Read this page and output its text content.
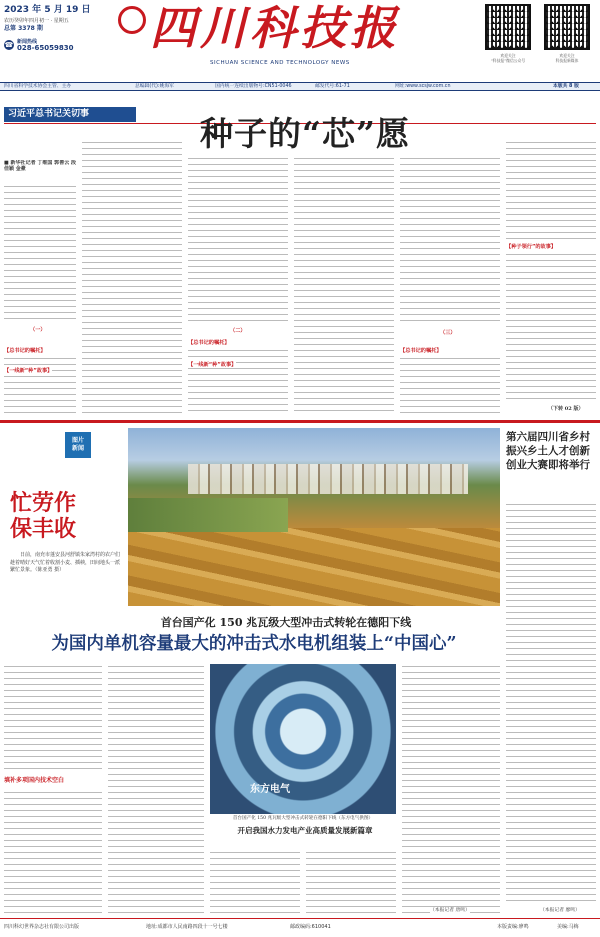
2023 年 5 月 19 日
农历癸卯年四月初一 · 星期五
总第 3378 期
☎ 新闻热线
028-65059830 四川科技报
SICHUAN SCIENCE AND TECHNOLOGY NEWS
欢迎关注
“科技报”微信公众号
欢迎关注
科技报新媒体
四川省科学技术协会主管、主办	总编辑(代):姚海军	国内统一连续出版物号:CN51-0046	邮发代号:61-71	网址:www.scsjw.com.cn	本版共 8 版
习近平总书记关切事	种子的“芯”愿
■ 新华社记者 丁维国 郭善云 段佳颖 金豪
（一）
【总书记的嘱托】
【一线新“种”故事】
（二）
【总书记的嘱托】
【一线新“种”故事】
（三）
【总书记的嘱托】
【种子领行”的故事】
（下转 02 版）
图片
新闻
忙劳作
保丰收
日前，南充市蓬安县河舒镇朱家湾村的农户们趁着晴好天气忙着收割小麦、插秧，田间地头一派繁忙景象。（陈亚勇 摄）
第六届四川省乡村振兴乡土人才创新创业大赛即将举行
（本报记者 廖鸣）
首台国产化 150 兆瓦级大型冲击式转轮在德阳下线
为国内单机容量最大的冲击式水电机组装上“中国心”
填补多项国内技术空白
东方电气
首台国产化 150 兆瓦级大型冲击式转轮在德阳下线（东方电气供图）
开启我国水力发电产业高质量发展新篇章
（本报记者 唐鸣）
四川科幻世界杂志社有限公司出版	地址:成都市人民南路四段十一号七楼	邮政编码:610041	本版责编:廖鸣	美编:马梅
